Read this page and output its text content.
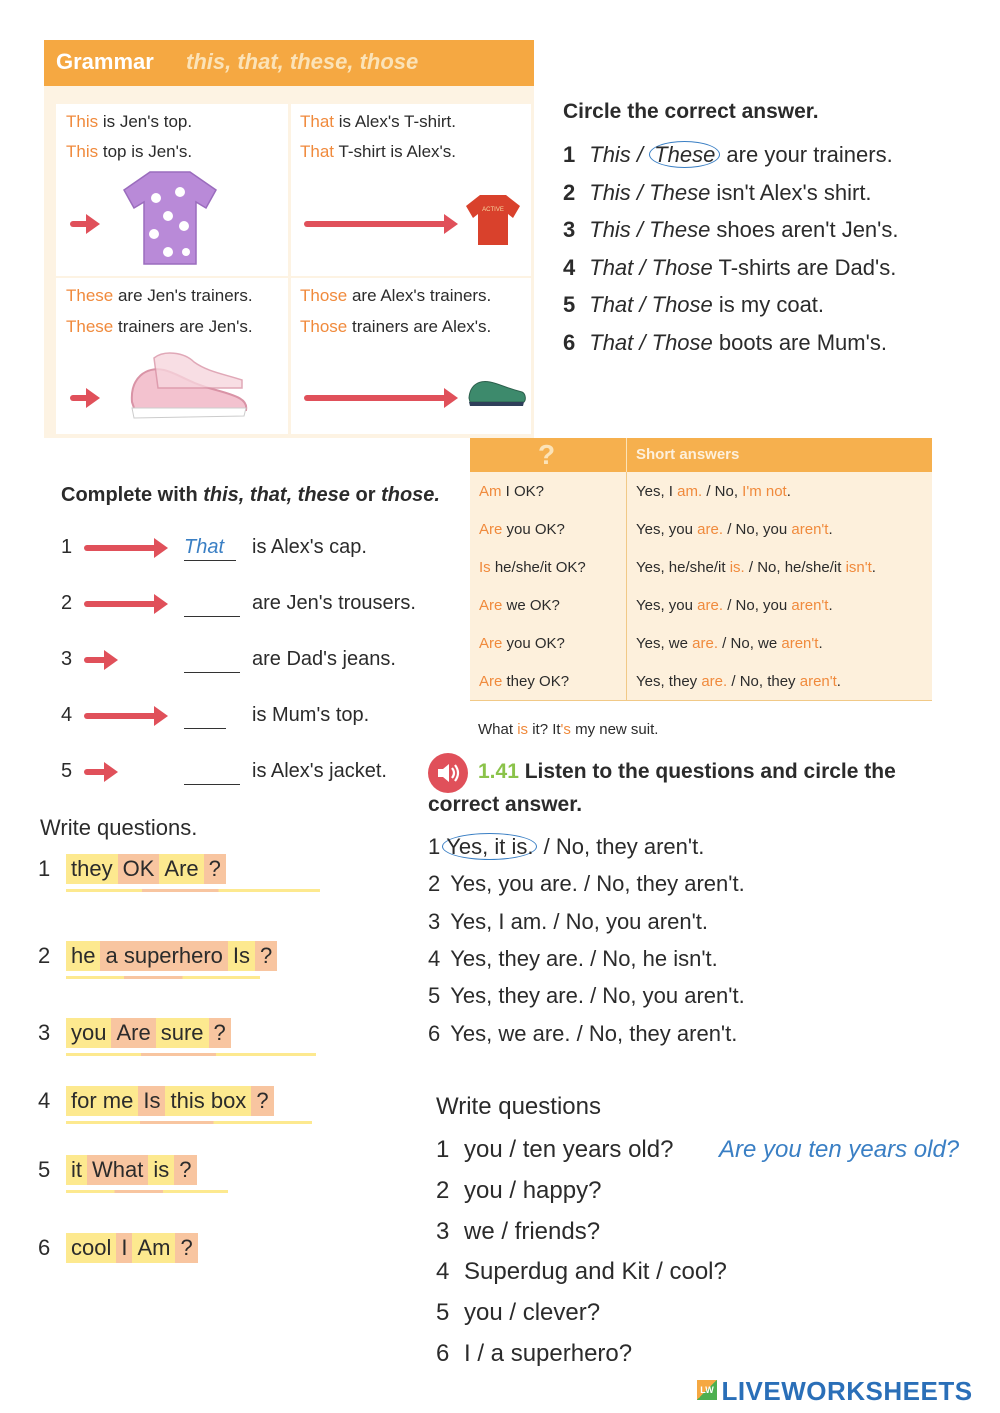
Grammar this, that, these, those
This is Jen's top.
This top is Jen's.
That is Alex's T-shirt.
That T-shirt is Alex's.
These are Jen's trainers.
These trainers are Jen's.
Those are Alex's trainers.
Those trainers are Alex's.
ACTIVE
Circle the correct answer.
1 This / These are your trainers.
2 This / These isn't Alex's shirt.
3 This / These shoes aren't Jen's.
4 That / Those T-shirts are Dad's.
5 That / Those is my coat.
6 That / Those boots are Mum's.
Complete with this, that, these or those.
1	That	is Alex's cap.
2	are Jen's trousers.
3	are Dad's jeans.
4	is Mum's top.
5	is Alex's jacket.
?	Short answers
Am I OK?	Yes, I am. / No, I'm not.
Are you OK?	Yes, you are. / No, you aren't.
Is he/she/it OK?	Yes, he/she/it is. / No, he/she/it isn't.
Are we OK?	Yes, you are. / No, you aren't.
Are you OK?	Yes, we are. / No, we aren't.
Are they OK?	Yes, they are. / No, they aren't.
What is it? It's my new suit.
1.41 Listen to the questions and circle the
correct answer.
1 Yes, it is. / No, they aren't.
2 Yes, you are. / No, they aren't.
3 Yes, I am. / No, you aren't.
4 Yes, they are. / No, he isn't.
5 Yes, they are. / No, you aren't.
6 Yes, we are. / No, they aren't.
Write questions.
1 they OK Are ?
2 he a superhero Is ?
3 you Are sure ?
4 for me Is this box ?
5 it What is ?
6 cool I Am ?
Write questions
1 you / ten years old? Are you ten years old?
2 you / happy?
3 we / friends?
4 Superdug and Kit / cool?
5 you / clever?
6 I / a superhero?
LW LIVEWORKSHEETS
